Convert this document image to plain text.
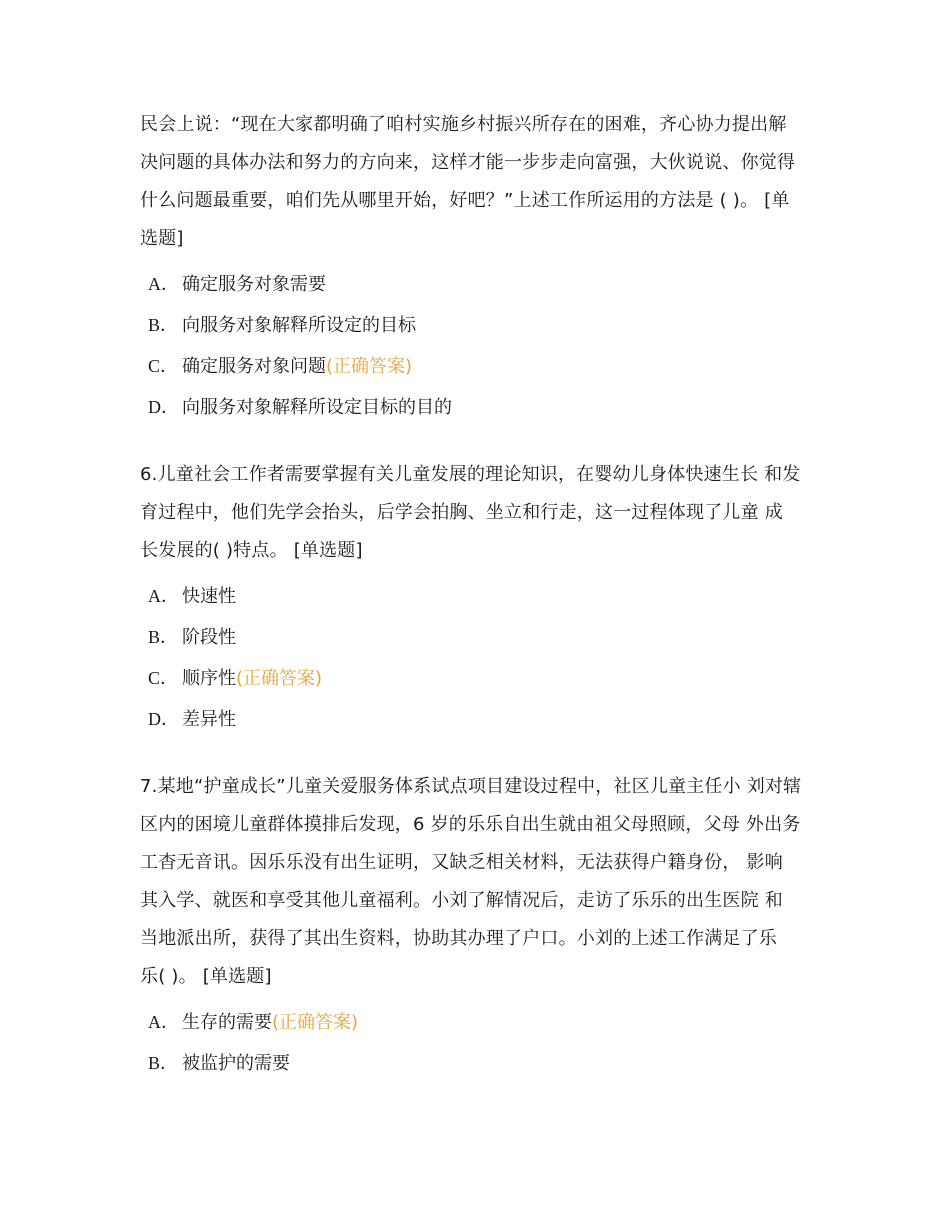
民会上说：“现在大家都明确了咱村实施乡村振兴所存在的困难，齐心协力提出解
决问题的具体办法和努力的方向来，这样才能一步步走向富强，大伙说说、你觉得
什么问题最重要，咱们先从哪里开始，好吧？”上述工作所运用的方法是 ( )。 [单
选题]

A． 确定服务对象需要
B． 向服务对象解释所设定的目标
C． 确定服务对象问题(正确答案)
D． 向服务对象解释所设定目标的目的

6.儿童社会工作者需要掌握有关儿童发展的理论知识，在婴幼儿身体快速生长 和发
育过程中，他们先学会抬头，后学会拍胸、坐立和行走，这一过程体现了儿童 成
长发展的( )特点。 [单选题]

A． 快速性
B． 阶段性
C． 顺序性(正确答案)
D． 差异性

7.某地“护童成长”儿童关爱服务体系试点项目建设过程中，社区儿童主任小 刘对辖
区内的困境儿童群体摸排后发现，6 岁的乐乐自出生就由祖父母照顾，父母 外出务
工杳无音讯。因乐乐没有出生证明，又缺乏相关材料，无法获得户籍身份， 影响
其入学、就医和享受其他儿童福利。小刘了解情况后，走访了乐乐的出生医院 和
当地派出所，获得了其出生资料，协助其办理了户口。小刘的上述工作满足了乐
乐( )。 [单选题]

A． 生存的需要(正确答案)
B． 被监护的需要
